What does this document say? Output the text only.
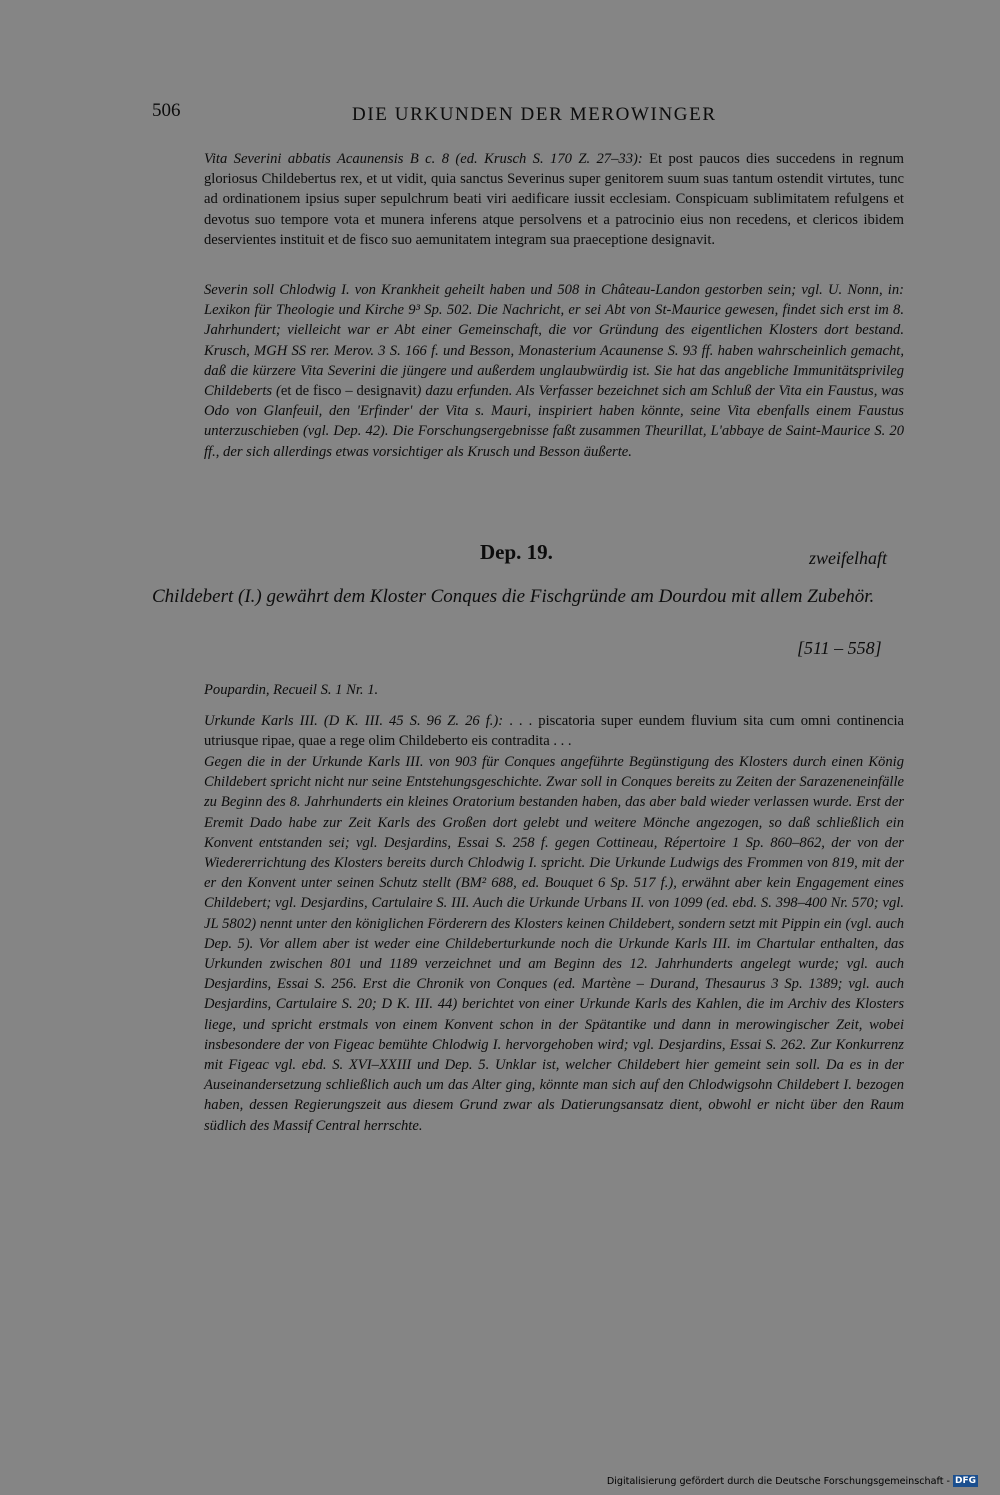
506	DIE URKUNDEN DER MEROWINGER
Vita Severini abbatis Acaunensis B c. 8 (ed. Krusch S. 170 Z. 27–33): Et post paucos dies succedens in regnum gloriosus Childebertus rex, et ut vidit, quia sanctus Severinus super genitorem suum suas tantum ostendit virtutes, tunc ad ordinationem ipsius super sepulchrum beati viri aedificare iussit ecclesiam. Conspicuam sublimitatem refulgens et devotus suo tempore vota et munera inferens atque persolvens et a patrocinio eius non recedens, et clericos ibidem deservientes instituit et de fisco suo aemunitatem integram sua praeceptione designavit.
Severin soll Chlodwig I. von Krankheit geheilt haben und 508 in Château-Landon gestorben sein; vgl. U. Nonn, in: Lexikon für Theologie und Kirche 9³ Sp. 502. Die Nachricht, er sei Abt von St-Maurice gewesen, findet sich erst im 8. Jahrhundert; vielleicht war er Abt einer Gemeinschaft, die vor Gründung des eigentlichen Klosters dort bestand. Krusch, MGH SS rer. Merov. 3 S. 166 f. und Besson, Monasterium Acaunense S. 93 ff. haben wahrscheinlich gemacht, daß die kürzere Vita Severini die jüngere und außerdem unglaubwürdig ist. Sie hat das angebliche Immunitätsprivileg Childeberts (et de fisco – designavit) dazu erfunden. Als Verfasser bezeichnet sich am Schluß der Vita ein Faustus, was Odo von Glanfeuil, den 'Erfinder' der Vita s. Mauri, inspiriert haben könnte, seine Vita ebenfalls einem Faustus unterzuschieben (vgl. Dep. 42). Die Forschungsergebnisse faßt zusammen Theurillat, L'abbaye de Saint-Maurice S. 20 ff., der sich allerdings etwas vorsichtiger als Krusch und Besson äußerte.
Dep. 19.	zweifelhaft
Childebert (I.) gewährt dem Kloster Conques die Fischgründe am Dourdou mit allem Zubehör.
[511 – 558]
Poupardin, Recueil S. 1 Nr. 1.
Urkunde Karls III. (D K. III. 45 S. 96 Z. 26 f.): . . . piscatoria super eundem fluvium sita cum omni continencia utriusque ripae, quae a rege olim Childeberto eis contradita . . .
Gegen die in der Urkunde Karls III. von 903 für Conques angeführte Begünstigung des Klosters durch einen König Childebert spricht nicht nur seine Entstehungsgeschichte. Zwar soll in Conques bereits zu Zeiten der Sarazeneneinfälle zu Beginn des 8. Jahrhunderts ein kleines Oratorium bestanden haben, das aber bald wieder verlassen wurde. Erst der Eremit Dado habe zur Zeit Karls des Großen dort gelebt und weitere Mönche angezogen, so daß schließlich ein Konvent entstanden sei; vgl. Desjardins, Essai S. 258 f. gegen Cottineau, Répertoire 1 Sp. 860–862, der von der Wiedererrichtung des Klosters bereits durch Chlodwig I. spricht. Die Urkunde Ludwigs des Frommen von 819, mit der er den Konvent unter seinen Schutz stellt (BM² 688, ed. Bouquet 6 Sp. 517 f.), erwähnt aber kein Engagement eines Childebert; vgl. Desjardins, Cartulaire S. III. Auch die Urkunde Urbans II. von 1099 (ed. ebd. S. 398–400 Nr. 570; vgl. JL 5802) nennt unter den königlichen Förderern des Klosters keinen Childebert, sondern setzt mit Pippin ein (vgl. auch Dep. 5). Vor allem aber ist weder eine Childeberturkunde noch die Urkunde Karls III. im Chartular enthalten, das Urkunden zwischen 801 und 1189 verzeichnet und am Beginn des 12. Jahrhunderts angelegt wurde; vgl. auch Desjardins, Essai S. 256. Erst die Chronik von Conques (ed. Martène – Durand, Thesaurus 3 Sp. 1389; vgl. auch Desjardins, Cartulaire S. 20; D K. III. 44) berichtet von einer Urkunde Karls des Kahlen, die im Archiv des Klosters liege, und spricht erstmals von einem Konvent schon in der Spätantike und dann in merowingischer Zeit, wobei insbesondere der von Figeac bemühte Chlodwig I. hervorgehoben wird; vgl. Desjardins, Essai S. 262. Zur Konkurrenz mit Figeac vgl. ebd. S. XVI–XXIII und Dep. 5. Unklar ist, welcher Childebert hier gemeint sein soll. Da es in der Auseinandersetzung schließlich auch um das Alter ging, könnte man sich auf den Chlodwigsohn Childebert I. bezogen haben, dessen Regierungszeit aus diesem Grund zwar als Datierungsansatz dient, obwohl er nicht über den Raum südlich des Massif Central herrschte.
Digitalisierung gefördert durch die Deutsche Forschungsgemeinschaft - DFG
